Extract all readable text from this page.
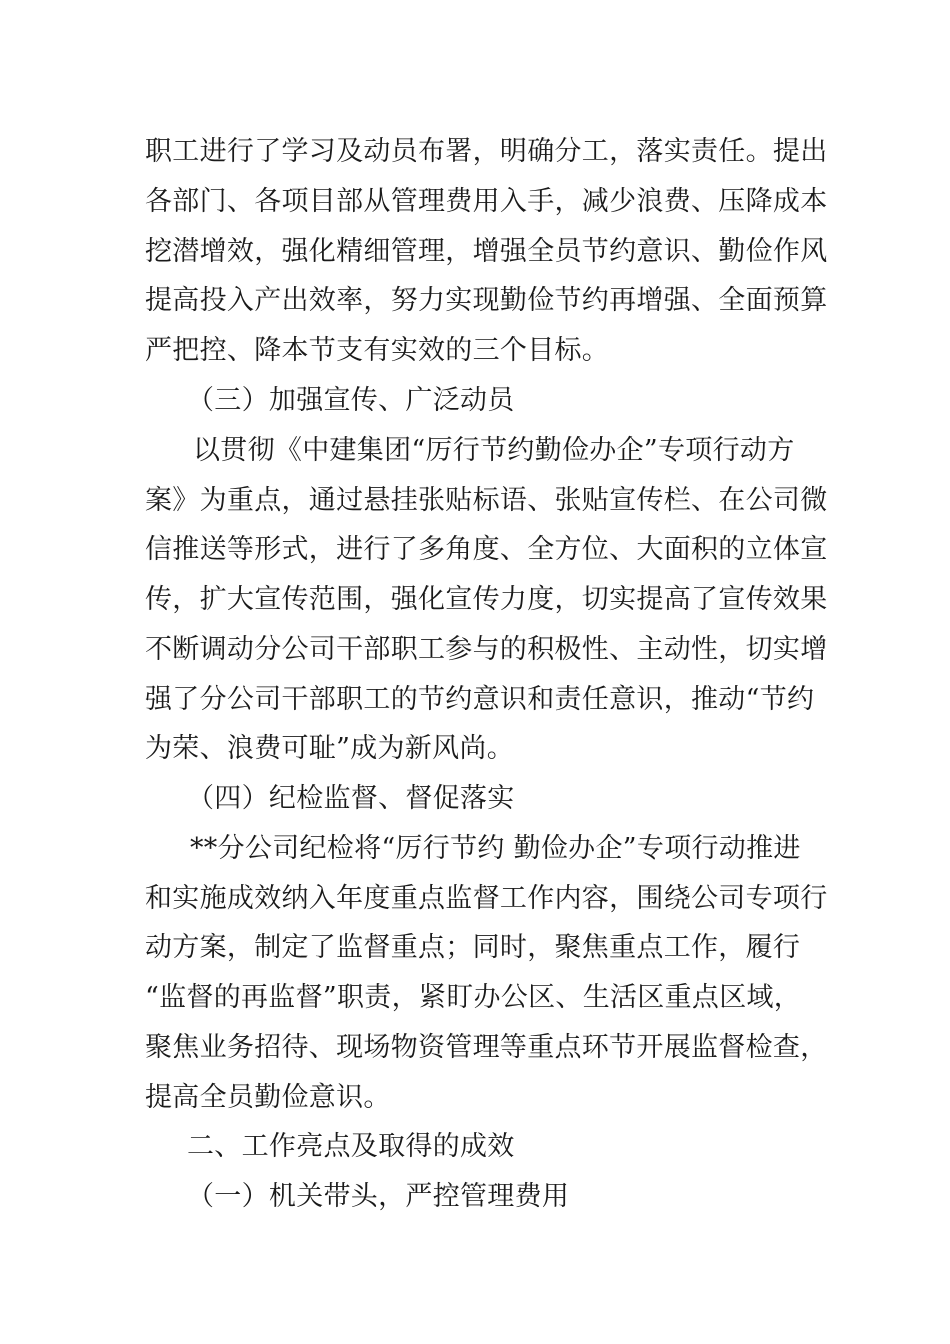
职工进行了学习及动员布署，明确分工，落实责任。提出
各部门、各项目部从管理费用入手，减少浪费、压降成本
挖潜增效，强化精细管理，增强全员节约意识、勤俭作风
提高投入产出效率，努力实现勤俭节约再增强、全面预算
严把控、降本节支有实效的三个目标。
（三）加强宣传、广泛动员
以贯彻《中建集团“厉行节约勤俭办企”专项行动方
案》为重点，通过悬挂张贴标语、张贴宣传栏、在公司微
信推送等形式，进行了多角度、全方位、大面积的立体宣
传，扩大宣传范围，强化宣传力度，切实提高了宣传效果
不断调动分公司干部职工参与的积极性、主动性，切实增
强了分公司干部职工的节约意识和责任意识，推动“节约
为荣、浪费可耻”成为新风尚。
（四）纪检监督、督促落实
**分公司纪检将“厉行节约 勤俭办企”专项行动推进
和实施成效纳入年度重点监督工作内容，围绕公司专项行
动方案，制定了监督重点；同时，聚焦重点工作，履行
“监督的再监督”职责，紧盯办公区、生活区重点区域，
聚焦业务招待、现场物资管理等重点环节开展监督检查，
提高全员勤俭意识。
二、工作亮点及取得的成效
（一）机关带头，严控管理费用
